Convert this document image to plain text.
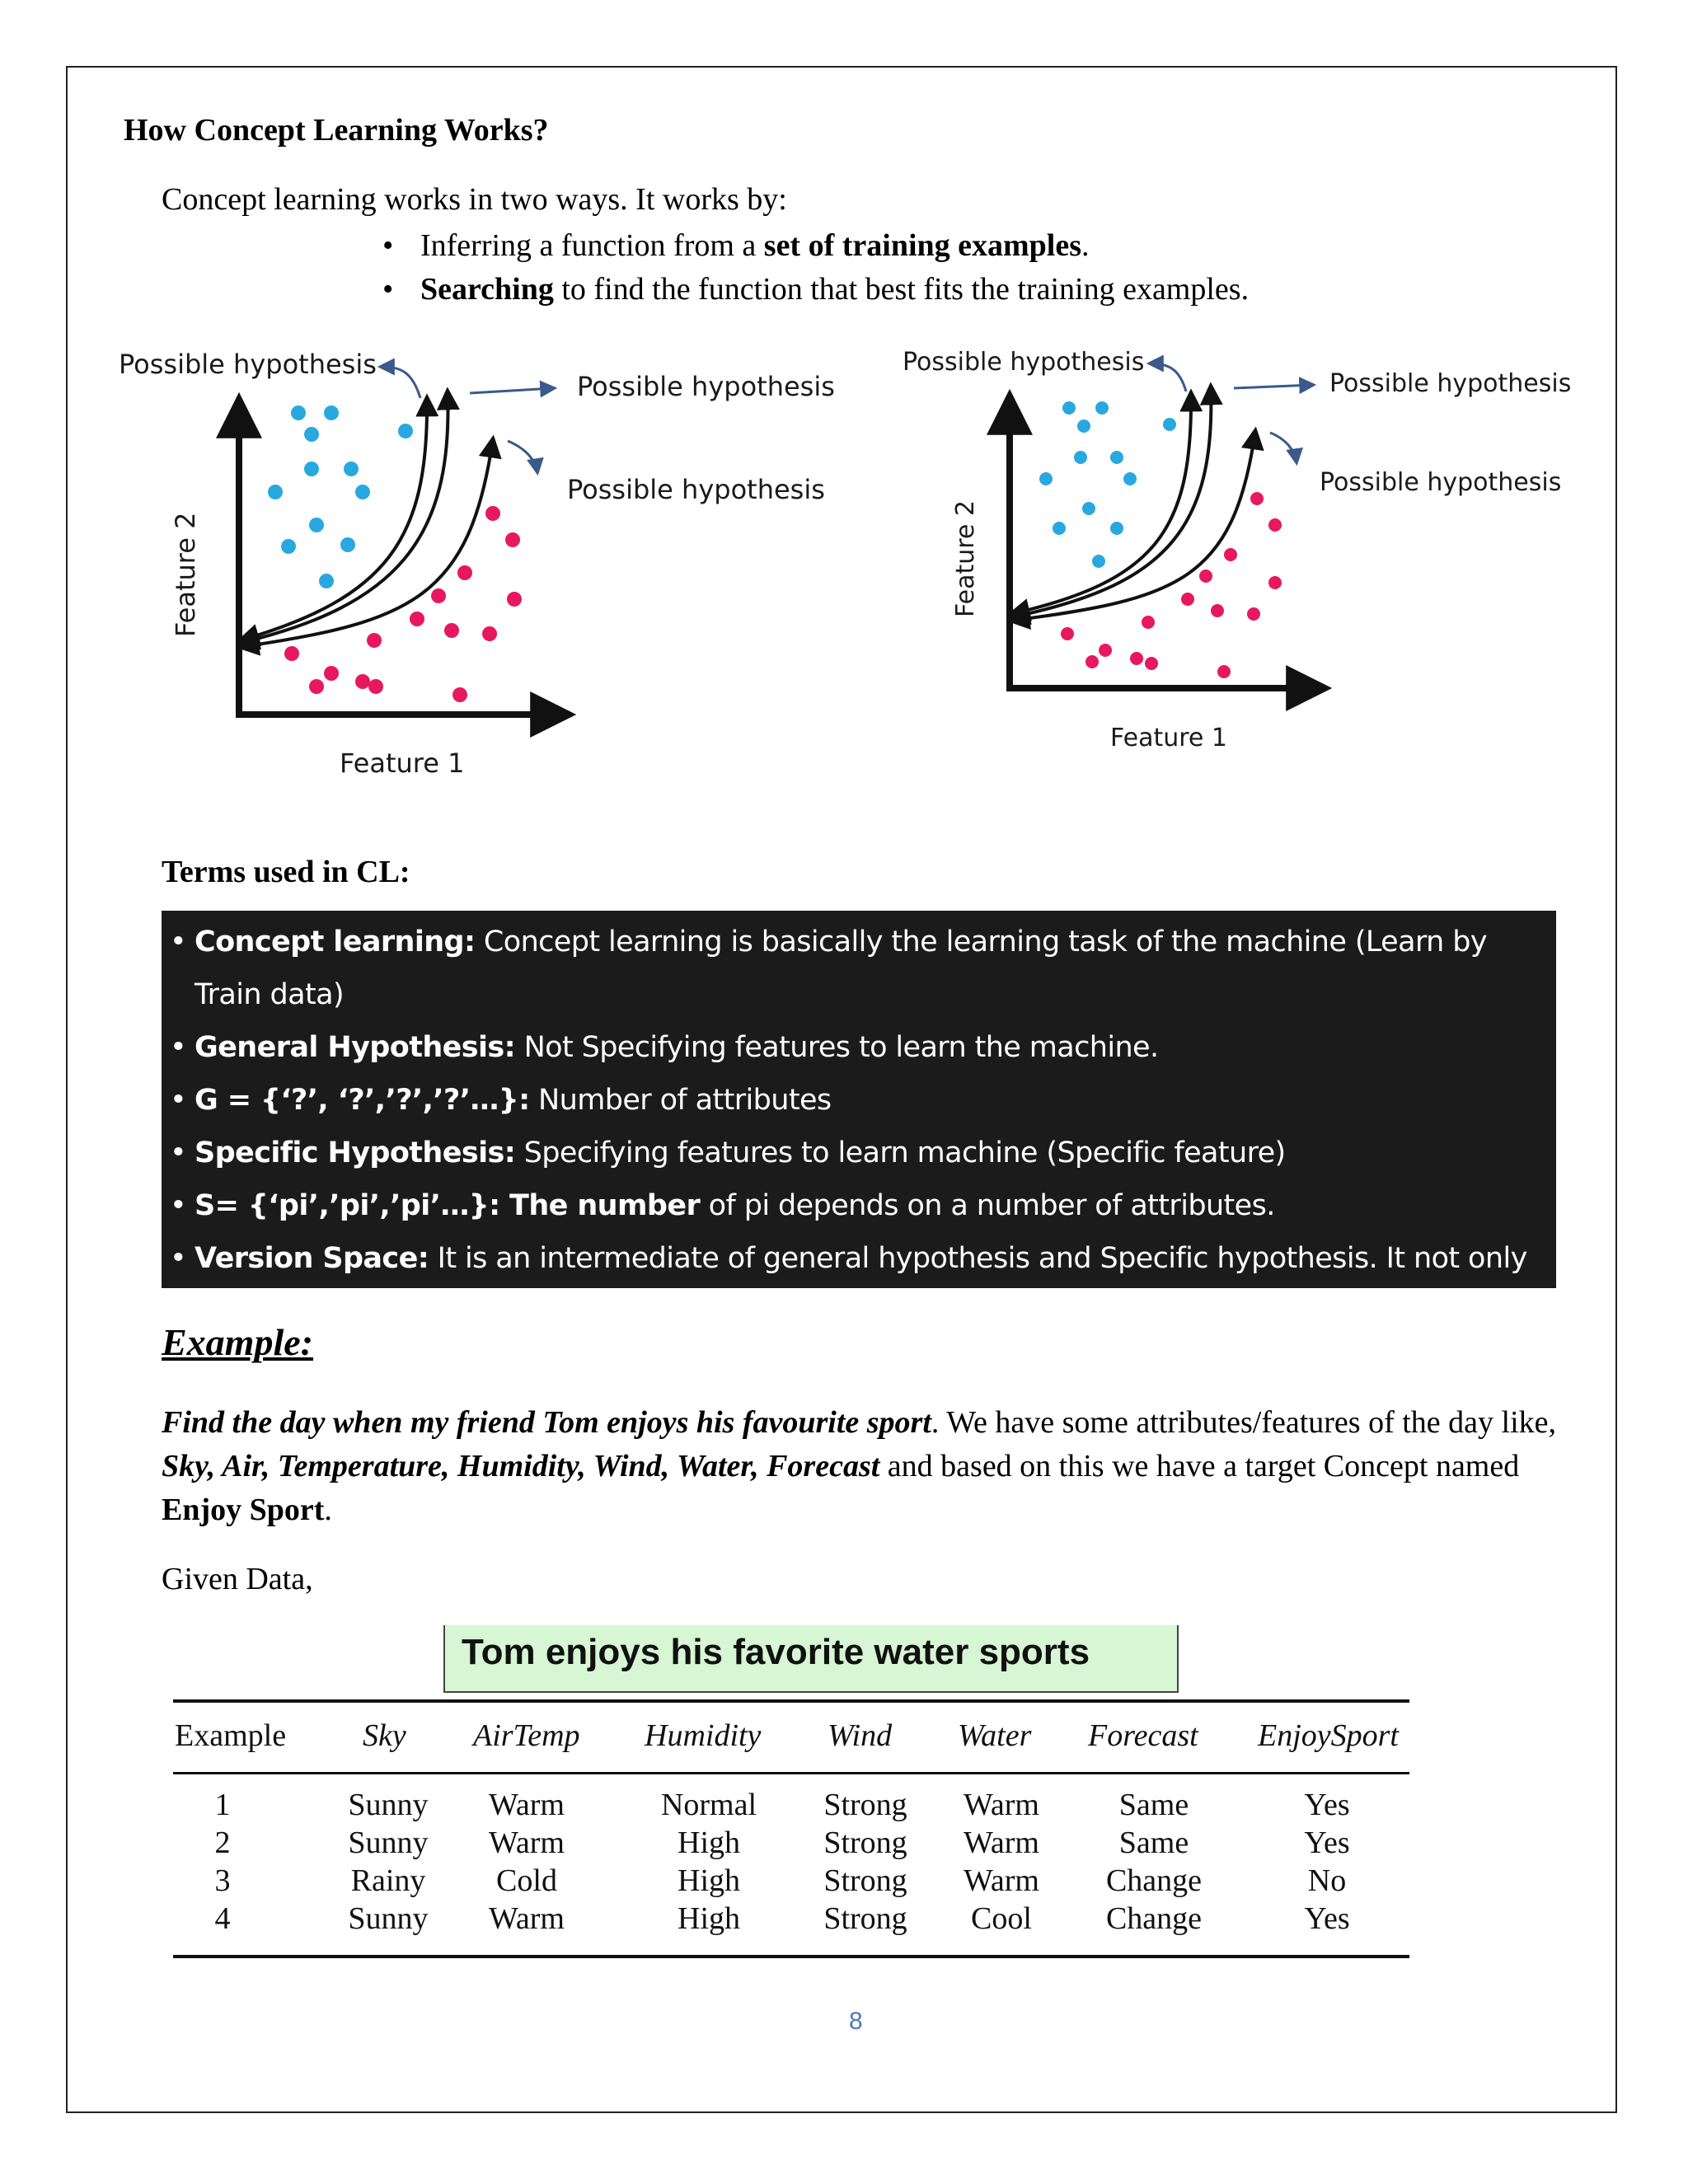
How Concept Learning Works?
Concept learning works in two ways. It works by:
• Inferring a function from a set of training examples.
• Searching to find the function that best fits the training examples.
Possible hypothesis
Possible hypothesis
Possible hypothesis
Feature 1
Feature 2
Possible hypothesis
Possible hypothesis
Possible hypothesis
Feature 1
Feature 2
Terms used in CL:
• Concept learning: Concept learning is basically the learning task of the machine (Learn by Train data)
• General Hypothesis: Not Specifying features to learn the machine.
• G = {‘?’, ‘?’,’?’,’?’…}: Number of attributes
• Specific Hypothesis: Specifying features to learn machine (Specific feature)
• S= {‘pi’,’pi’,’pi’…}: The number of pi depends on a number of attributes.
• Version Space: It is an intermediate of general hypothesis and Specific hypothesis. It not only just writes one hypothesis but a set of all possible hypotheses based on training data-set.
Example:
Find the day when my friend Tom enjoys his favourite sport. We have some attributes/features of the day like, Sky, Air, Temperature, Humidity, Wind, Water, Forecast and based on this we have a target Concept named Enjoy Sport.
Given Data,
Tom enjoys his favorite water sports
Example Sky AirTemp Humidity Wind Water Forecast EnjoySport
1	Sunny	Warm	Normal	Strong	Warm	Same	Yes
2	Sunny	Warm	High	Strong	Warm	Same	Yes
3	Rainy	Cold	High	Strong	Warm	Change	No
4	Sunny	Warm	High	Strong	Cool	Change	Yes
8
